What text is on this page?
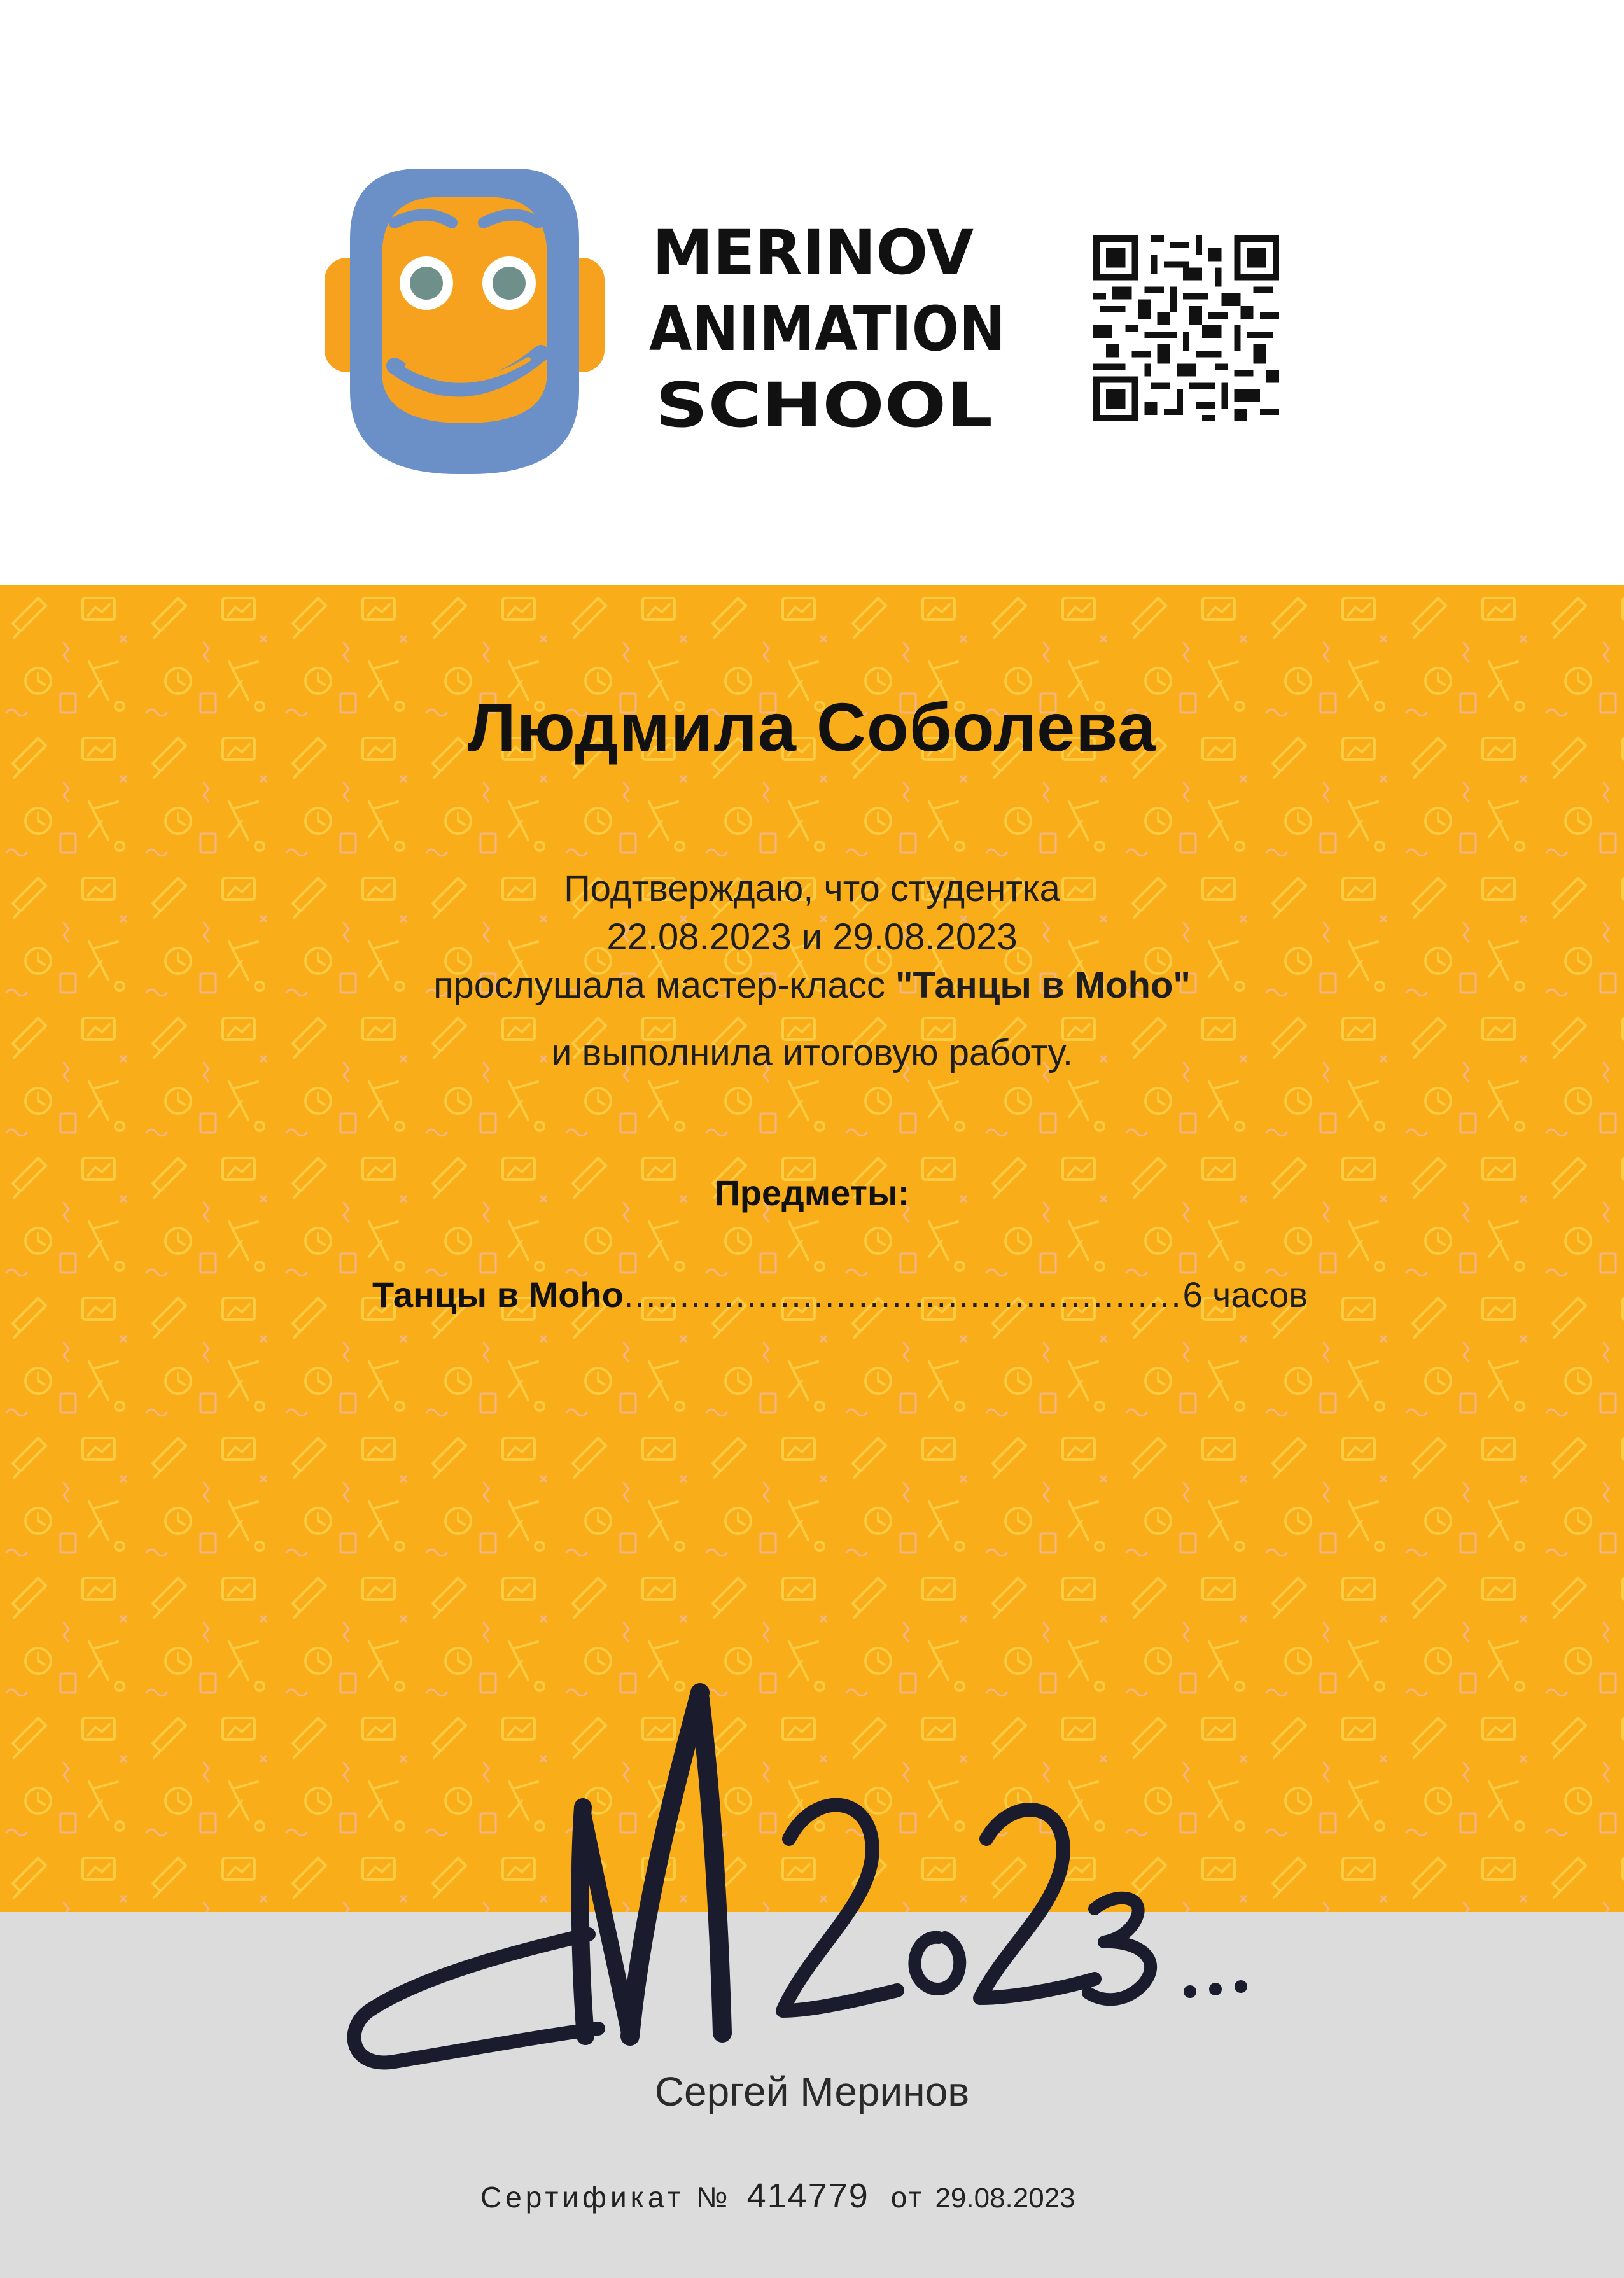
MERINOV
ANIMATION
SCHOOL
Людмила Соболева
Подтверждаю, что студентка
22.08.2023 и 29.08.2023
прослушала мастер-класс "Танцы в Moho"
и выполнила итоговую работу.
Предметы:
Танцы в Moho
.....	6 часов
Сергей Меринов
Сертификат № 414779 от 29.08.2023
